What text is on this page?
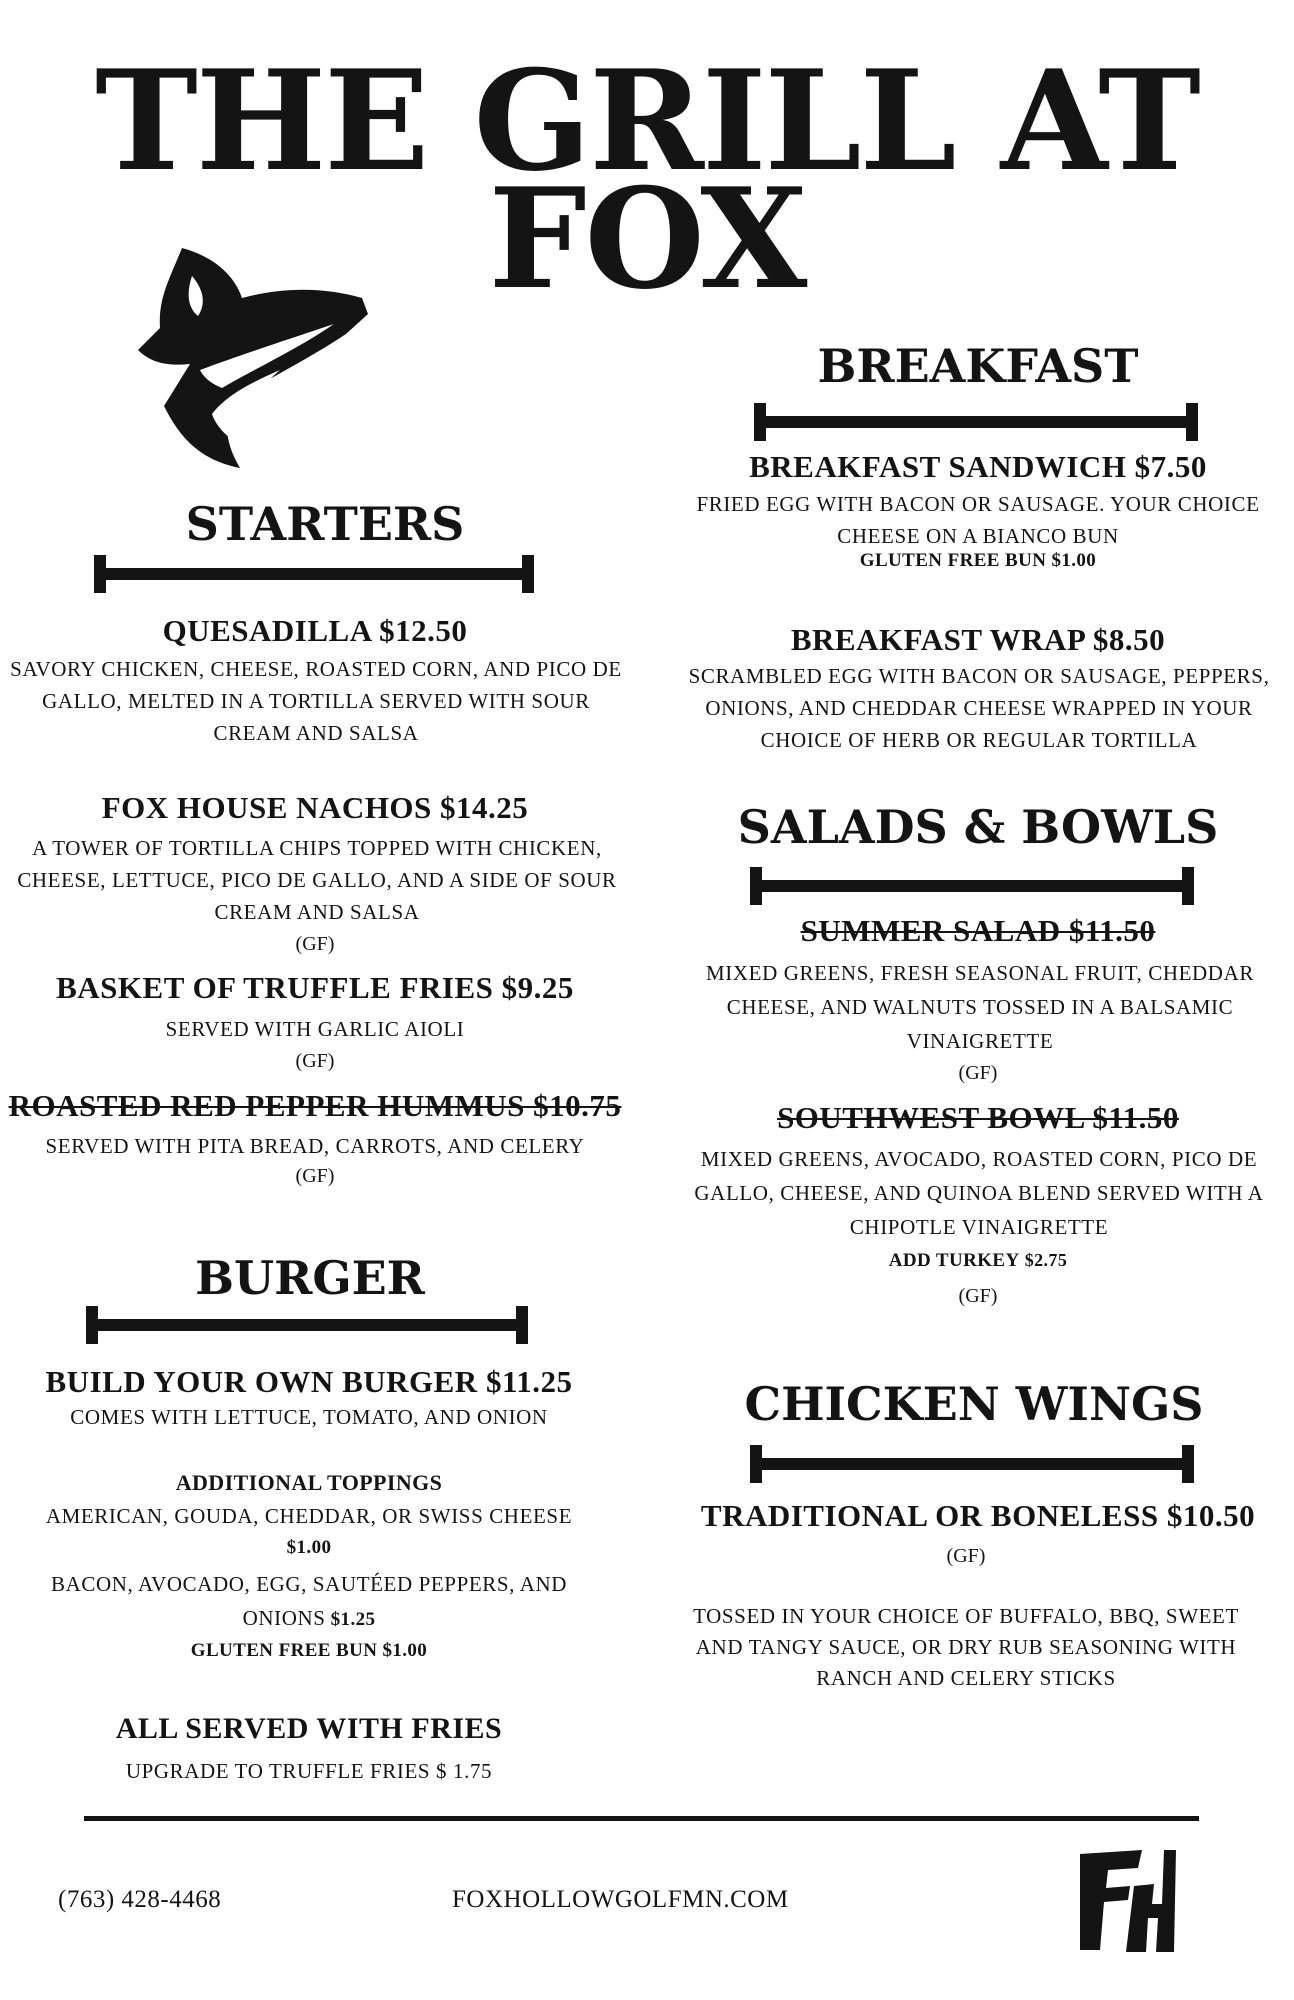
THE GRILL AT
FOX
STARTERS
QUESADILLA $12.50
SAVORY CHICKEN, CHEESE, ROASTED CORN, AND PICO DE GALLO, MELTED IN A TORTILLA SERVED WITH SOUR CREAM AND SALSA
FOX HOUSE NACHOS $14.25
A TOWER OF TORTILLA CHIPS TOPPED WITH CHICKEN, CHEESE, LETTUCE, PICO DE GALLO, AND A SIDE OF SOUR CREAM AND SALSA
(GF)
BASKET OF TRUFFLE FRIES $9.25
SERVED WITH GARLIC AIOLI
(GF)
ROASTED RED PEPPER HUMMUS $10.75
SERVED WITH PITA BREAD, CARROTS, AND CELERY
(GF)
BURGER
BUILD YOUR OWN BURGER $11.25
COMES WITH LETTUCE, TOMATO, AND ONION
ADDITIONAL TOPPINGS
AMERICAN, GOUDA, CHEDDAR, OR SWISS CHEESE
$1.00
BACON, AVOCADO, EGG, SAUTÉED PEPPERS, AND
ONIONS $1.25
GLUTEN FREE BUN $1.00
ALL SERVED WITH FRIES
UPGRADE TO TRUFFLE FRIES $ 1.75
BREAKFAST
BREAKFAST SANDWICH $7.50
FRIED EGG WITH BACON OR SAUSAGE. YOUR CHOICE CHEESE ON A BIANCO BUN
GLUTEN FREE BUN $1.00
BREAKFAST WRAP $8.50
SCRAMBLED EGG WITH BACON OR SAUSAGE, PEPPERS, ONIONS, AND CHEDDAR CHEESE WRAPPED IN YOUR CHOICE OF HERB OR REGULAR TORTILLA
SALADS & BOWLS
SUMMER SALAD $11.50
MIXED GREENS, FRESH SEASONAL FRUIT, CHEDDAR CHEESE, AND WALNUTS TOSSED IN A BALSAMIC VINAIGRETTE
(GF)
SOUTHWEST BOWL $11.50
MIXED GREENS, AVOCADO, ROASTED CORN, PICO DE GALLO, CHEESE, AND QUINOA BLEND SERVED WITH A CHIPOTLE VINAIGRETTE
ADD TURKEY $2.75
(GF)
CHICKEN WINGS
TRADITIONAL OR BONELESS $10.50
(GF)
TOSSED IN YOUR CHOICE OF BUFFALO, BBQ, SWEET AND TANGY SAUCE, OR DRY RUB SEASONING WITH RANCH AND CELERY STICKS
(763) 428-4468	FOXHOLLOWGOLFMN.COM
